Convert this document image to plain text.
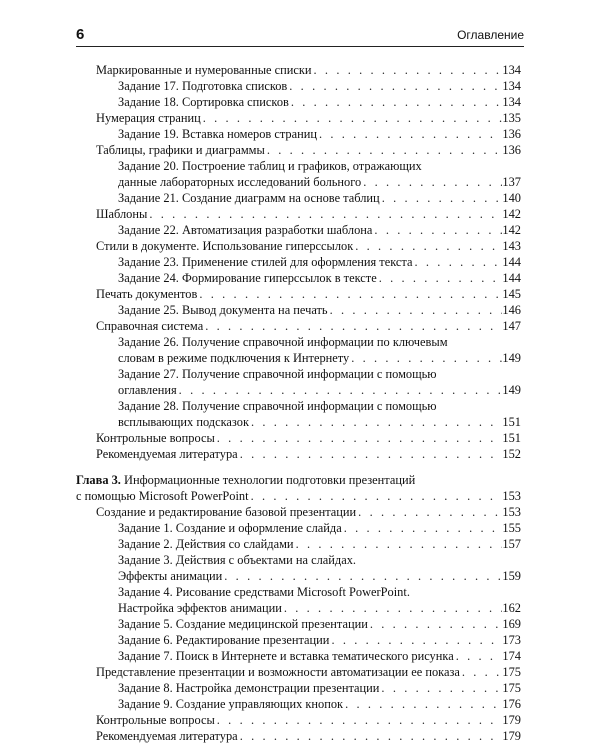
6	Оглавление
Маркированные и нумерованные списки . . .	134
Задание 17. Подготовка списков . . .	134
Задание 18. Сортировка списков . . .	134
Нумерация страниц . . .	135
Задание 19. Вставка номеров страниц . . .	136
Таблицы, графики и диаграммы . . .	136
Задание 20. Построение таблиц и графиков, отражающих
данные лабораторных исследований больного . . .	137
Задание 21. Создание диаграмм на основе таблиц . . .	140
Шаблоны . . .	142
Задание 22. Автоматизация разработки шаблона . . .	142
Стили в документе. Использование гиперссылок . . .	143
Задание 23. Применение стилей для оформления текста . . .	144
Задание 24. Формирование гиперссылок в тексте . . .	144
Печать документов . . .	145
Задание 25. Вывод документа на печать . . .	146
Справочная система . . .	147
Задание 26. Получение справочной информации по ключевым
словам в режиме подключения к Интернету . . .	149
Задание 27. Получение справочной информации с помощью
оглавления . . .	149
Задание 28. Получение справочной информации с помощью
всплывающих подсказок . . .	151
Контрольные вопросы . . .	151
Рекомендуемая литература . . .	152
Глава 3. Информационные технологии подготовки презентаций
с помощью Microsoft PowerPoint . . .	153
Создание и редактирование базовой презентации . . .	153
Задание 1. Создание и оформление слайда . . .	155
Задание 2. Действия со слайдами . . .	157
Задание 3. Действия с объектами на слайдах.
Эффекты анимации . . .	159
Задание 4. Рисование средствами Microsoft PowerPoint.
Настройка эффектов анимации . . .	162
Задание 5. Создание медицинской презентации . . .	169
Задание 6. Редактирование презентации . . .	173
Задание 7. Поиск в Интернете и вставка тематического рисунка . . .	174
Представление презентации и возможности автоматизации ее показа . . .	175
Задание 8. Настройка демонстрации презентации . . .	175
Задание 9. Создание управляющих кнопок . . .	176
Контрольные вопросы . . .	179
Рекомендуемая литература . . .	179
